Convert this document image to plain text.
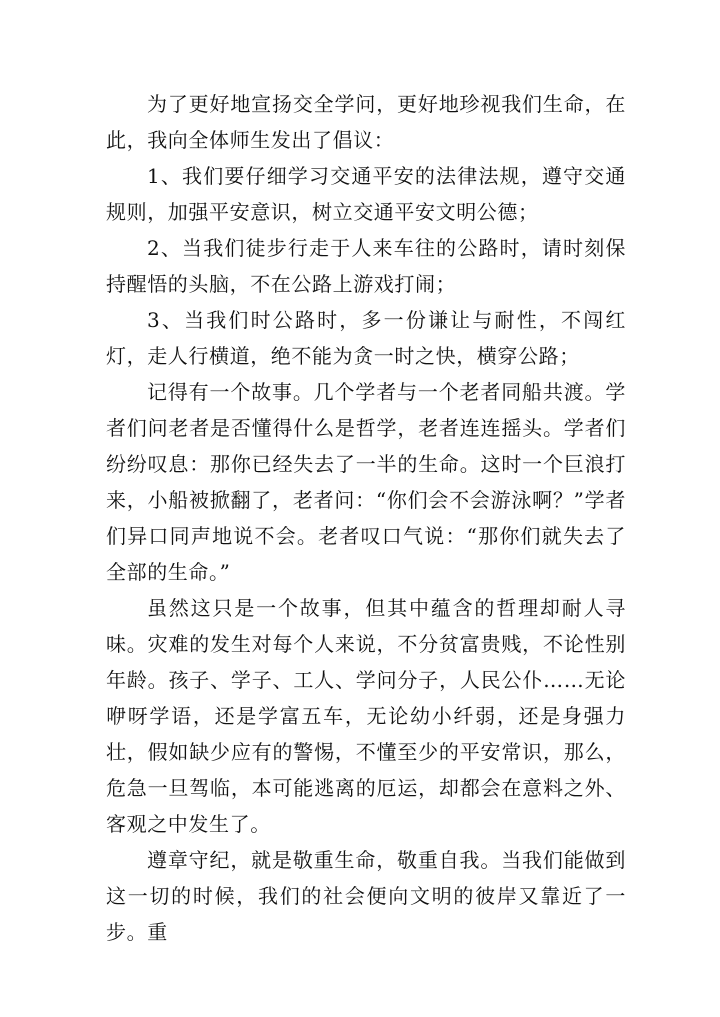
为了更好地宣扬交全学问，更好地珍视我们生命，在此，我向全体师生发出了倡议：

1、我们要仔细学习交通平安的法律法规，遵守交通规则，加强平安意识，树立交通平安文明公德；

2、当我们徒步行走于人来车往的公路时，请时刻保持醒悟的头脑，不在公路上游戏打闹；

3、当我们时公路时，多一份谦让与耐性，不闯红灯，走人行横道，绝不能为贪一时之快，横穿公路；

记得有一个故事。几个学者与一个老者同船共渡。学者们问老者是否懂得什么是哲学，老者连连摇头。学者们纷纷叹息：那你已经失去了一半的生命。这时一个巨浪打来，小船被掀翻了，老者问：“你们会不会游泳啊？”学者们异口同声地说不会。老者叹口气说：“那你们就失去了全部的生命。”

虽然这只是一个故事，但其中蕴含的哲理却耐人寻味。灾难的发生对每个人来说，不分贫富贵贱，不论性别年龄。孩子、学子、工人、学问分子，人民公仆……无论咿呀学语，还是学富五车，无论幼小纤弱，还是身强力壮，假如缺少应有的警惕，不懂至少的平安常识，那么，危急一旦驾临，本可能逃离的厄运，却都会在意料之外、客观之中发生了。

遵章守纪，就是敬重生命，敬重自我。当我们能做到这一切的时候，我们的社会便向文明的彼岸又靠近了一步。重
